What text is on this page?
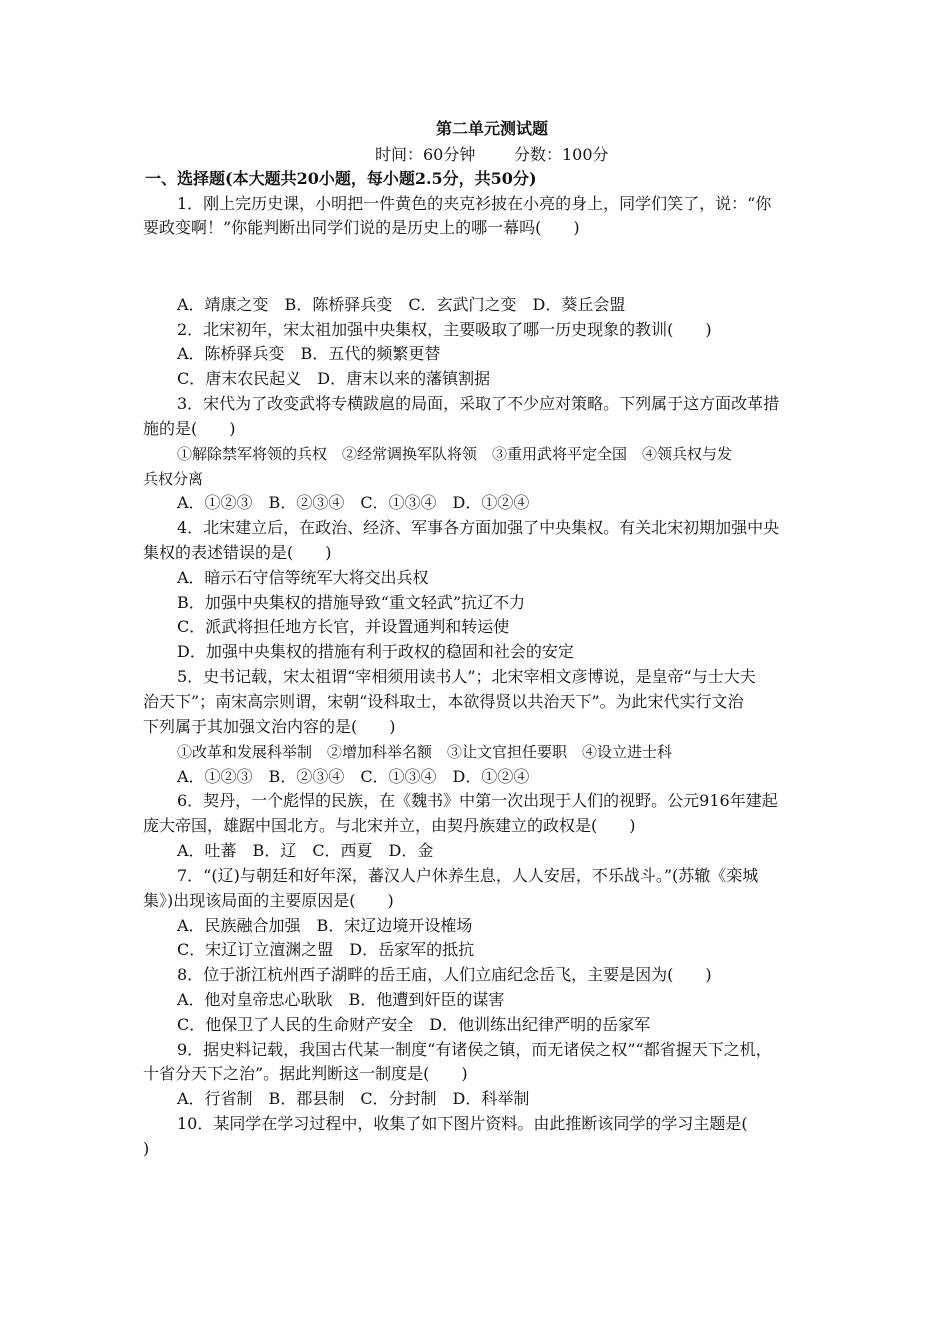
第二单元测试题
时间：60分钟 分数：100分
一、选择题(本大题共20小题，每小题2.5分，共50分)
1．刚上完历史课，小明把一件黄色的夹克衫披在小亮的身上，同学们笑了，说：“你
要政变啊！”你能判断出同学们说的是历史上的哪一幕吗(　　)
A．靖康之变　B．陈桥驿兵变　C．玄武门之变　D．葵丘会盟
2．北宋初年，宋太祖加强中央集权，主要吸取了哪一历史现象的教训(　　)
A．陈桥驿兵变　B．五代的频繁更替
C．唐末农民起义　D．唐末以来的藩镇割据
3．宋代为了改变武将专横跋扈的局面，采取了不少应对策略。下列属于这方面改革措
施的是(　　)
①解除禁军将领的兵权　②经常调换军队将领　③重用武将平定全国　④领兵权与发
兵权分离
A．①②③　B．②③④　C．①③④　D．①②④
4．北宋建立后，在政治、经济、军事各方面加强了中央集权。有关北宋初期加强中央
集权的表述错误的是(　　)
A．暗示石守信等统军大将交出兵权
B．加强中央集权的措施导致“重文轻武”抗辽不力
C．派武将担任地方长官，并设置通判和转运使
D．加强中央集权的措施有利于政权的稳固和社会的安定
5．史书记载，宋太祖谓“宰相须用读书人”；北宋宰相文彦博说，是皇帝“与士大夫
治天下”；南宋高宗则谓，宋朝“设科取士，本欲得贤以共治天下”。为此宋代实行文治
下列属于其加强文治内容的是(　　)
①改革和发展科举制　②增加科举名额　③让文官担任要职　④设立进士科
A．①②③　B．②③④　C．①③④　D．①②④
6．契丹，一个彪悍的民族，在《魏书》中第一次出现于人们的视野。公元916年建起
庞大帝国，雄踞中国北方。与北宋并立，由契丹族建立的政权是(　　)
A．吐蕃　B．辽　C．西夏　D．金
7．“(辽)与朝廷和好年深，蕃汉人户休养生息，人人安居，不乐战斗。”(苏辙《栾城
集》)出现该局面的主要原因是(　　)
A．民族融合加强　B．宋辽边境开设榷场
C．宋辽订立澶渊之盟　D．岳家军的抵抗
8．位于浙江杭州西子湖畔的岳王庙，人们立庙纪念岳飞，主要是因为(　　)
A．他对皇帝忠心耿耿　B．他遭到奸臣的谋害
C．他保卫了人民的生命财产安全　D．他训练出纪律严明的岳家军
9．据史料记载，我国古代某一制度“有诸侯之镇，而无诸侯之权”“都省握天下之机，
十省分天下之治”。据此判断这一制度是(　　)
A．行省制　B．郡县制　C．分封制　D．科举制
10．某同学在学习过程中，收集了如下图片资料。由此推断该同学的学习主题是(
)
